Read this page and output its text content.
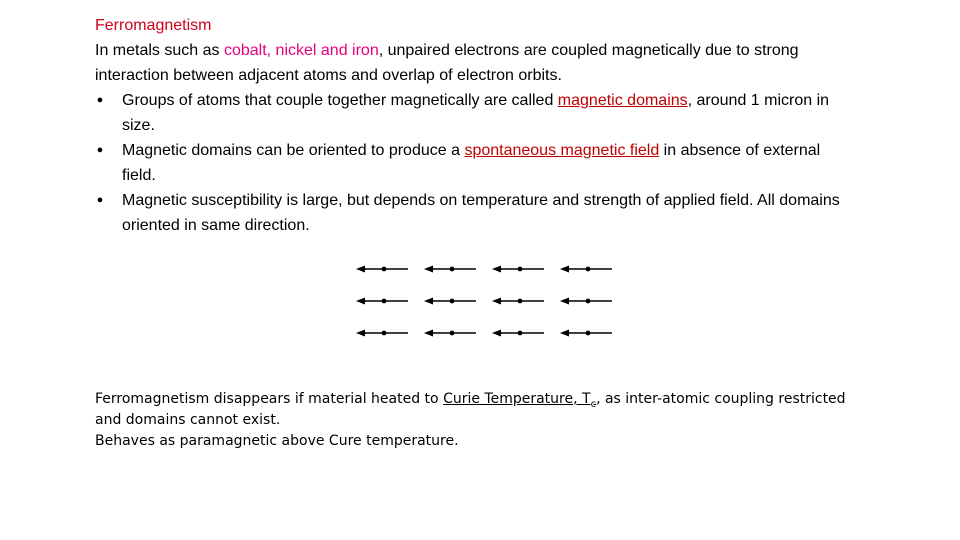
Ferromagnetism
In metals such as cobalt, nickel and iron, unpaired electrons are coupled magnetically due to strong interaction between adjacent atoms and overlap of electron orbits.
● Groups of atoms that couple together magnetically are called magnetic domains, around 1 micron in size.
● Magnetic domains can be oriented to produce a spontaneous magnetic field in absence of external field.
● Magnetic susceptibility is large, but depends on temperature and strength of applied field. All domains oriented in same direction.
Ferromagnetism disappears if material heated to Curie Temperature, $T_c$, as inter-atomic coupling restricted and domains cannot exist.
Behaves as paramagnetic above Cure temperature.
